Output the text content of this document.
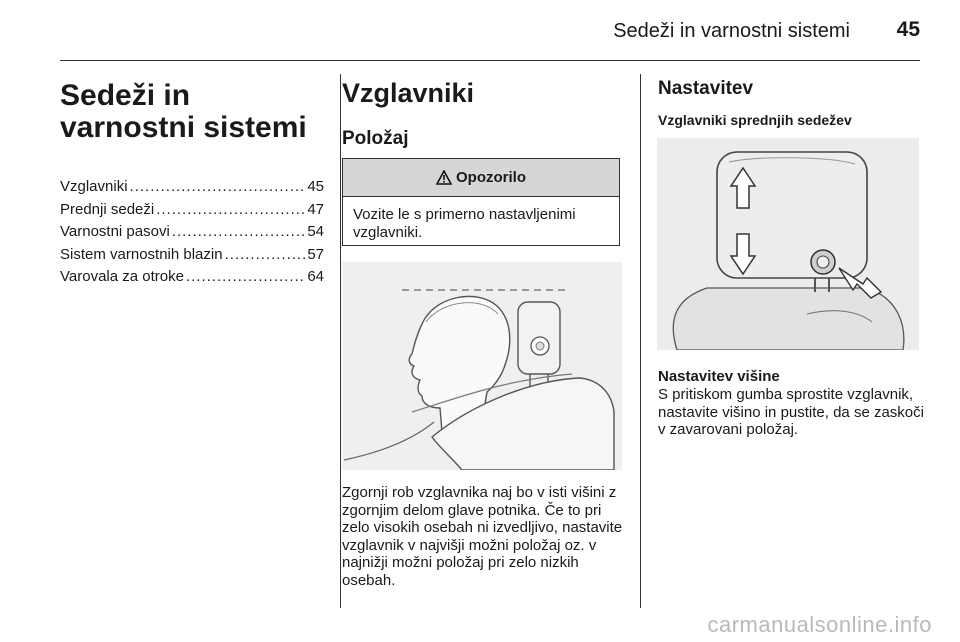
Sedeži in varnostni sistemi	45
Sedeži in varnostni sistemi
Vzglavniki .....	45
Prednji sedeži .....	47
Varnostni pasovi .....	54
Sistem varnostnih blazin .....	57
Varovala za otroke .....	64
Vzglavniki
Položaj
Opozorilo
Vozite le s primerno nastavljenimi vzglavniki.
Zgornji rob vzglavnika naj bo v isti višini z zgornjim delom glave potnika. Če to pri zelo visokih osebah ni izvedljivo, nastavite vzglavnik v najvišji možni položaj oz. v najnižji možni položaj pri zelo nizkih osebah.
Nastavitev
Vzglavniki sprednjih sedežev
Nastavitev višine
S pritiskom gumba sprostite vzglavnik, nastavite višino in pustite, da se zaskoči v zavarovani položaj.
carmanualsonline.info
